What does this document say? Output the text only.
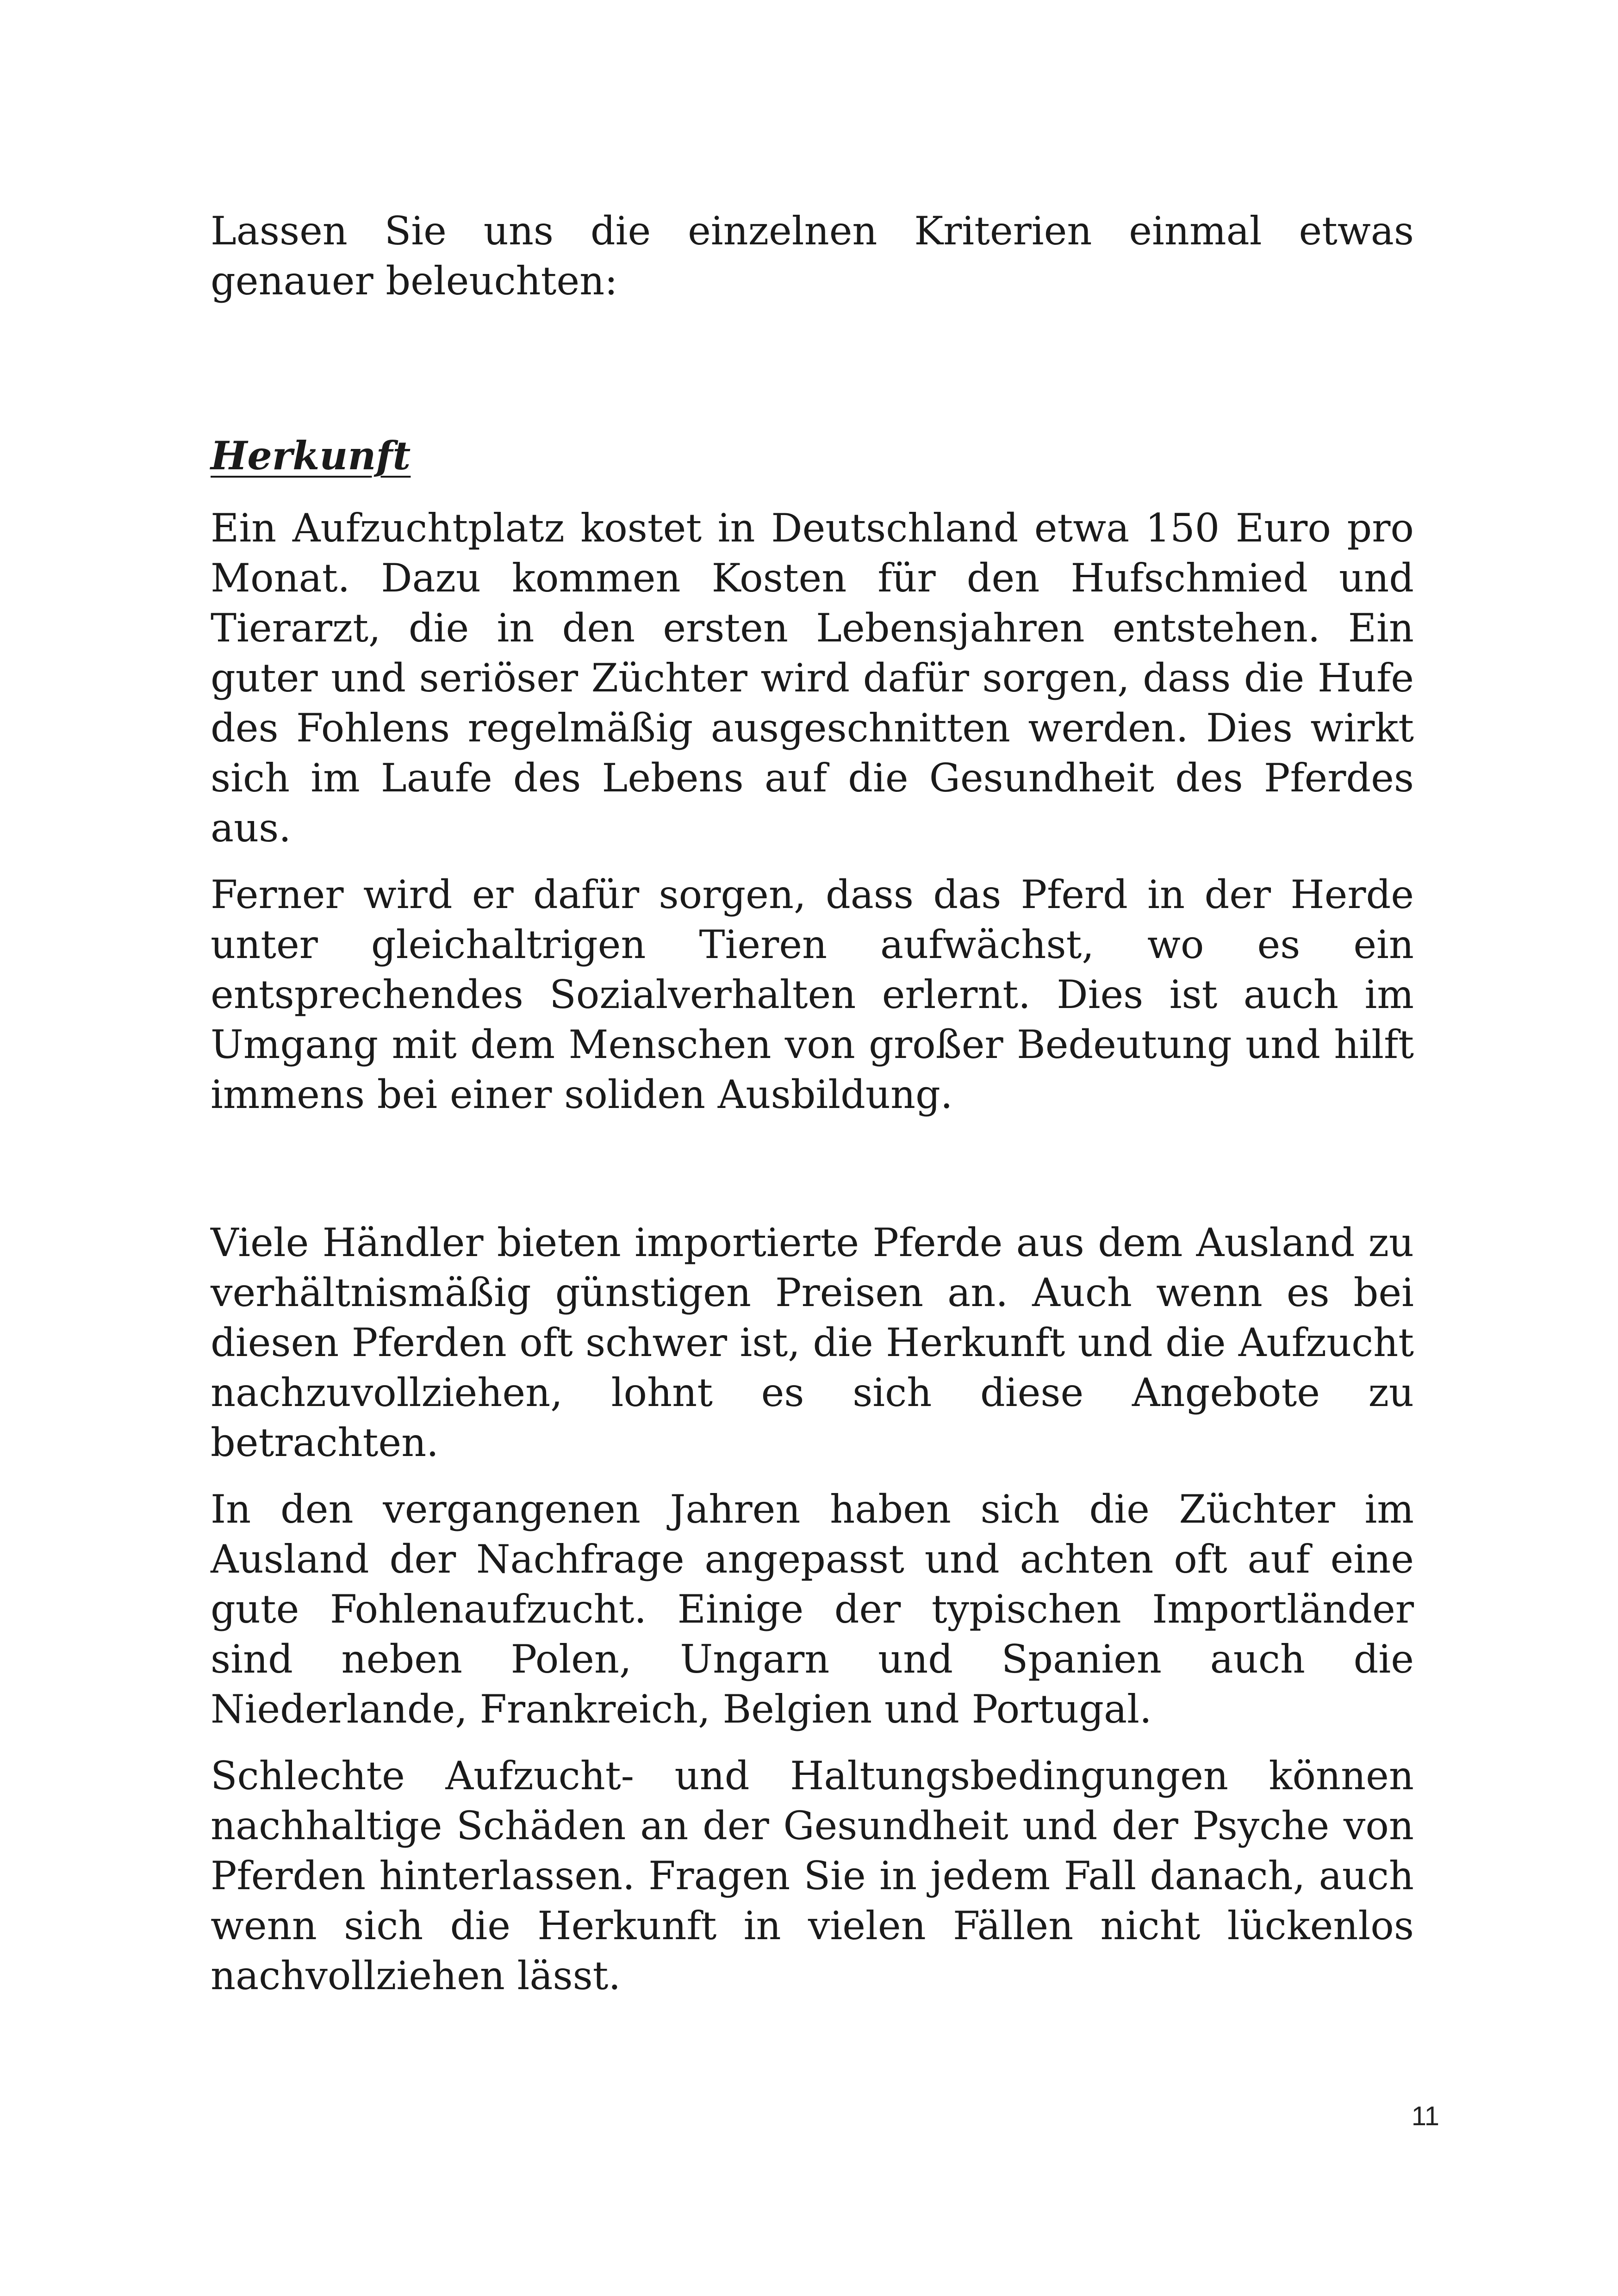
Lassen Sie uns die einzelnen Kriterien einmal etwas genauer beleuchten:

Herkunft

Ein Aufzuchtplatz kostet in Deutschland etwa 150 Euro pro Monat. Dazu kommen Kosten für den Hufschmied und Tierarzt, die in den ersten Lebensjahren entstehen. Ein guter und seriöser Züchter wird dafür sorgen, dass die Hufe des Fohlens regelmäßig ausgeschnitten werden. Dies wirkt sich im Laufe des Lebens auf die Gesundheit des Pferdes aus.

Ferner wird er dafür sorgen, dass das Pferd in der Herde unter gleichaltrigen Tieren aufwächst, wo es ein entsprechendes Sozialverhalten erlernt. Dies ist auch im Umgang mit dem Menschen von großer Bedeutung und hilft immens bei einer soliden Ausbildung.

Viele Händler bieten importierte Pferde aus dem Ausland zu verhältnismäßig günstigen Preisen an. Auch wenn es bei diesen Pferden oft schwer ist, die Herkunft und die Aufzucht nachzuvollziehen, lohnt es sich diese Angebote zu betrachten.

In den vergangenen Jahren haben sich die Züchter im Ausland der Nachfrage angepasst und achten oft auf eine gute Fohlenaufzucht. Einige der typischen Importländer sind neben Polen, Ungarn und Spanien auch die Niederlande, Frankreich, Belgien und Portugal.

Schlechte Aufzucht- und Haltungsbedingungen können nachhaltige Schäden an der Gesundheit und der Psyche von Pferden hinterlassen. Fragen Sie in jedem Fall danach, auch wenn sich die Herkunft in vielen Fällen nicht lückenlos nachvollziehen lässt.

11
